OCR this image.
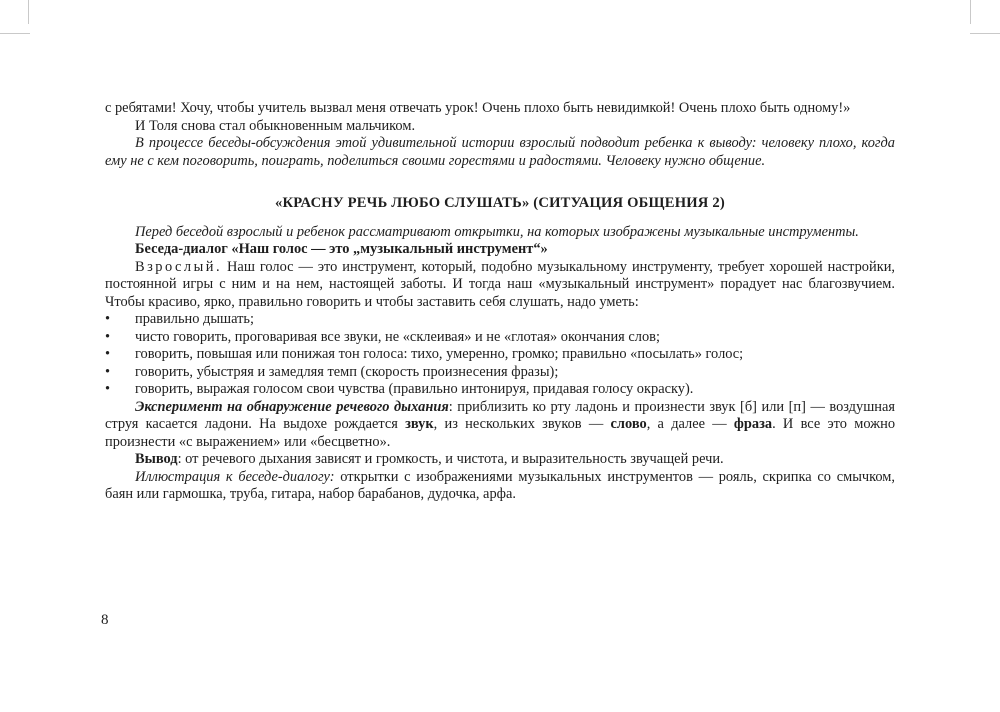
с ребятами! Хочу, чтобы учитель вызвал меня отвечать урок! Очень плохо быть невидимкой! Очень плохо быть одному!»

И Толя снова стал обыкновенным мальчиком.

В процессе беседы-обсуждения этой удивительной истории взрослый подводит ребенка к выводу: человеку плохо, когда ему не с кем поговорить, поиграть, поделиться своими горестями и радостями. Человеку нужно общение.

«КРАСНУ РЕЧЬ ЛЮБО СЛУШАТЬ» (СИТУАЦИЯ ОБЩЕНИЯ 2)

Перед беседой взрослый и ребенок рассматривают открытки, на которых изображены музыкальные инструменты.

Беседа-диалог «Наш голос — это „музыкальный инструмент“»

Взрослый. Наш голос — это инструмент, который, подобно музыкальному инструменту, требует хорошей настройки, постоянной игры с ним и на нем, настоящей заботы. И тогда наш «музыкальный инструмент» порадует нас благозвучием. Чтобы красиво, ярко, правильно говорить и чтобы заставить себя слушать, надо уметь:

• правильно дышать;
• чисто говорить, проговаривая все звуки, не «склеивая» и не «глотая» окончания слов;
• говорить, повышая или понижая тон голоса: тихо, умеренно, громко; правильно «посылать» голос;
• говорить, убыстряя и замедляя темп (скорость произнесения фразы);
• говорить, выражая голосом свои чувства (правильно интонируя, придавая голосу окраску).

Эксперимент на обнаружение речевого дыхания: приблизить ко рту ладонь и произнести звук [б] или [п] — воздушная струя касается ладони. На выдохе рождается звук, из нескольких звуков — слово, а далее — фраза. И все это можно произнести «с выражением» или «бесцветно».

Вывод: от речевого дыхания зависят и громкость, и чистота, и выразительность звучащей речи.

Иллюстрация к беседе-диалогу: открытки с изображениями музыкальных инструментов — рояль, скрипка со смычком, баян или гармошка, труба, гитара, набор барабанов, дудочка, арфа.

8
